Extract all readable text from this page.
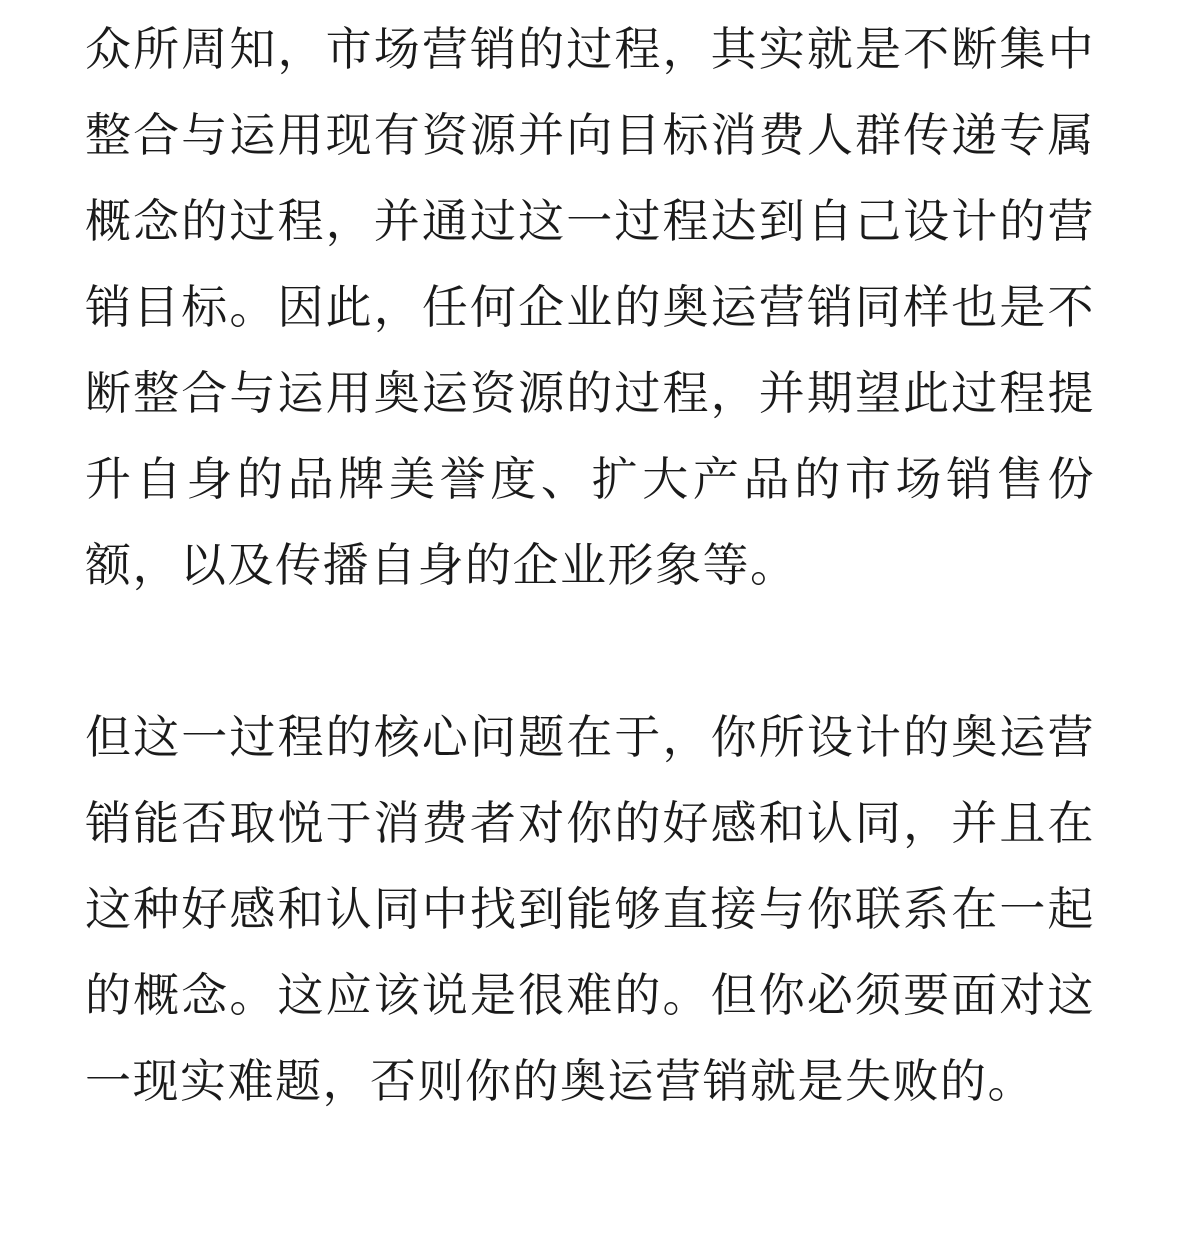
众所周知，市场营销的过程，其实就是不断集中整合与运用现有资源并向目标消费人群传递专属概念的过程，并通过这一过程达到自己设计的营销目标。因此，任何企业的奥运营销同样也是不断整合与运用奥运资源的过程，并期望此过程提升自身的品牌美誉度、扩大产品的市场销售份额，以及传播自身的企业形象等。

但这一过程的核心问题在于，你所设计的奥运营销能否取悦于消费者对你的好感和认同，并且在这种好感和认同中找到能够直接与你联系在一起的概念。这应该说是很难的。但你必须要面对这一现实难题，否则你的奥运营销就是失败的。
